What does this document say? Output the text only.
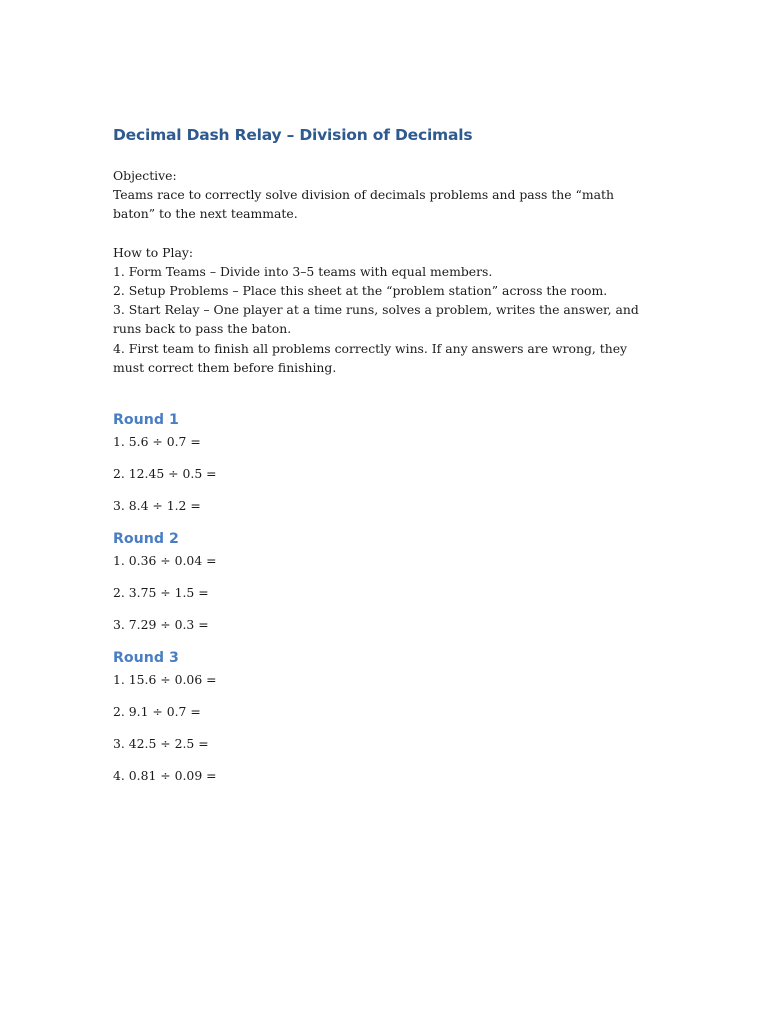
Decimal Dash Relay – Division of Decimals

Objective:

Teams race to correctly solve division of decimals problems and pass the “math baton” to the next teammate.

How to Play:

1. Form Teams – Divide into 3–5 teams with equal members.

2. Setup Problems – Place this sheet at the “problem station” across the room.

3. Start Relay – One player at a time runs, solves a problem, writes the answer, and runs back to pass the baton.

4. First team to finish all problems correctly wins. If any answers are wrong, they must correct them before finishing.

Round 1

1. 5.6 ÷ 0.7 =

2. 12.45 ÷ 0.5 =

3. 8.4 ÷ 1.2 =

Round 2

1. 0.36 ÷ 0.04 =

2. 3.75 ÷ 1.5 =

3. 7.29 ÷ 0.3 =

Round 3

1. 15.6 ÷ 0.06 =

2. 9.1 ÷ 0.7 =

3. 42.5 ÷ 2.5 =

4. 0.81 ÷ 0.09 =
